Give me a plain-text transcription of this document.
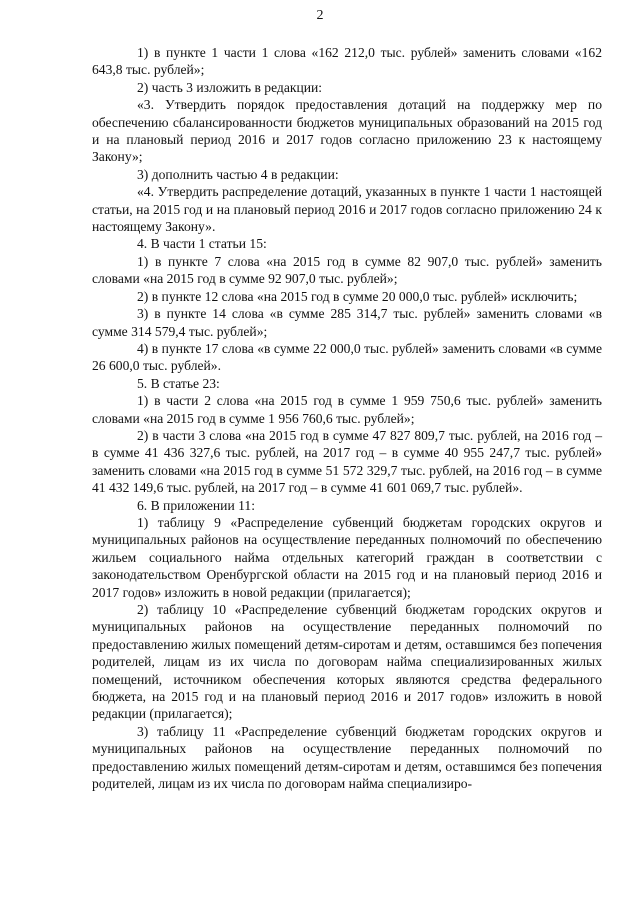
2

1) в пункте 1 части 1 слова «162 212,0 тыс. рублей» заменить словами «162 643,8 тыс. рублей»;

2) часть 3 изложить в редакции:

«3. Утвердить порядок предоставления дотаций на поддержку мер по обеспечению сбалансированности бюджетов муниципальных образований на 2015 год и на плановый период 2016 и 2017 годов согласно приложению 23 к настоящему Закону»;

3) дополнить частью 4 в редакции:

«4. Утвердить распределение дотаций, указанных в пункте 1 части 1 настоящей статьи, на 2015 год и на плановый период 2016 и 2017 годов согласно приложению 24 к настоящему Закону».

4. В части 1 статьи 15:

1) в пункте 7 слова «на 2015 год в сумме 82 907,0 тыс. рублей» заменить словами «на 2015 год в сумме 92 907,0 тыс. рублей»;

2) в пункте 12 слова «на 2015 год в сумме 20 000,0 тыс. рублей» исключить;

3) в пункте 14 слова «в сумме 285 314,7 тыс. рублей» заменить словами «в сумме 314 579,4 тыс. рублей»;

4) в пункте 17 слова «в сумме 22 000,0 тыс. рублей» заменить словами «в сумме 26 600,0 тыс. рублей».

5. В статье 23:

1) в части 2 слова «на 2015 год в сумме 1 959 750,6 тыс. рублей» заменить словами «на 2015 год в сумме 1 956 760,6 тыс. рублей»;

2) в части 3 слова «на 2015 год в сумме 47 827 809,7 тыс. рублей, на 2016 год – в сумме 41 436 327,6 тыс. рублей, на 2017 год – в сумме 40 955 247,7 тыс. рублей» заменить словами «на 2015 год в сумме 51 572 329,7 тыс. рублей, на 2016 год – в сумме 41 432 149,6 тыс. рублей, на 2017 год – в сумме 41 601 069,7 тыс. рублей».

6. В приложении 11:

1) таблицу 9 «Распределение субвенций бюджетам городских округов и муниципальных районов на осуществление переданных полномочий по обеспечению жильем социального найма отдельных категорий граждан в соответствии с законодательством Оренбургской области на 2015 год и на плановый период 2016 и 2017 годов» изложить в новой редакции (прилагается);

2) таблицу 10 «Распределение субвенций бюджетам городских округов и муниципальных районов на осуществление переданных полномочий по предоставлению жилых помещений детям-сиротам и детям, оставшимся без попечения родителей, лицам из их числа по договорам найма специализированных жилых помещений, источником обеспечения которых являются средства федерального бюджета, на 2015 год и на плановый период 2016 и 2017 годов» изложить в новой редакции (прилагается);

3) таблицу 11 «Распределение субвенций бюджетам городских округов и муниципальных районов на осуществление переданных полномочий по предоставлению жилых помещений детям-сиротам и детям, оставшимся без попечения родителей, лицам из их числа по договорам найма специализиро-
